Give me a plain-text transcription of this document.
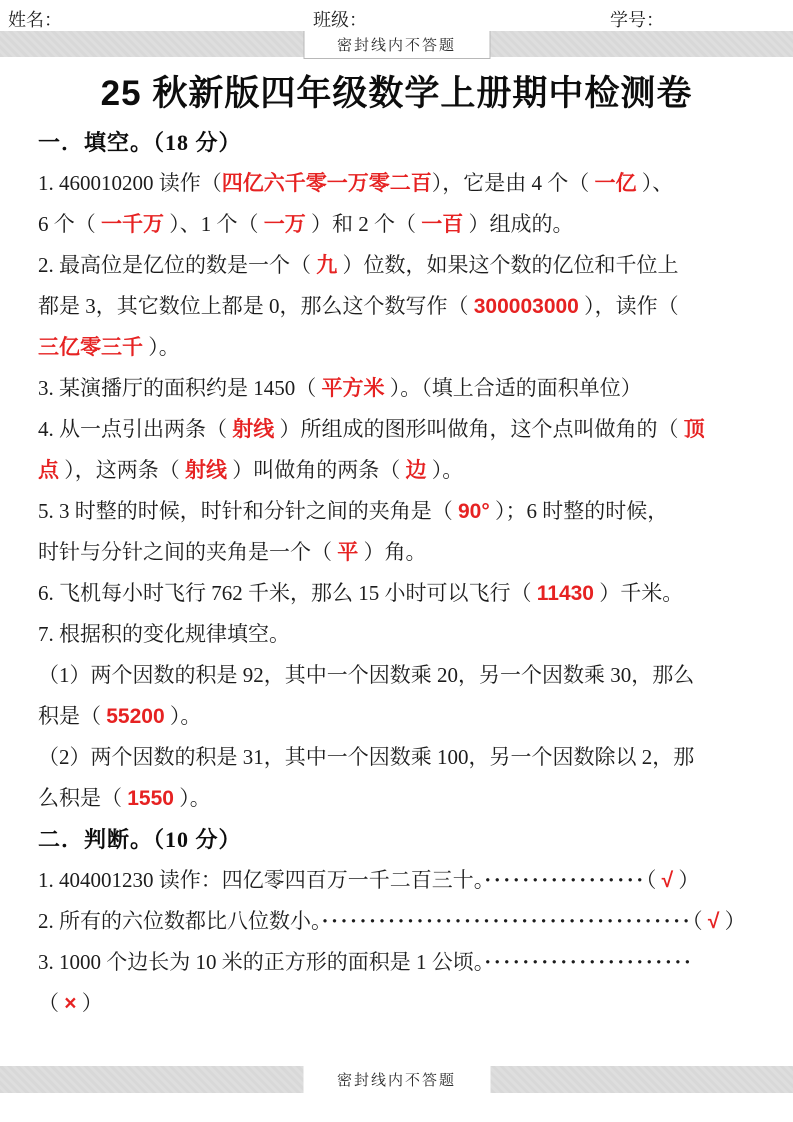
姓名：	班级：	学号：
密封线内不答题
25 秋新版四年级数学上册期中检测卷

一．填空。（18 分）

1. 460010200 读作（四亿六千零一万零二百），它是由 4 个（ 一亿 ）、

6 个（ 一千万 ）、1 个（ 一万 ）和 2 个（ 一百 ）组成的。

2. 最高位是亿位的数是一个（ 九 ）位数，如果这个数的亿位和千位上

都是 3，其它数位上都是 0，那么这个数写作（ 300003000 ），读作（

三亿零三千 ）。

3. 某演播厅的面积约是 1450（ 平方米 ）。（填上合适的面积单位）

4. 从一点引出两条（ 射线 ）所组成的图形叫做角，这个点叫做角的（ 顶

点 ），这两条（ 射线 ）叫做角的两条（ 边 ）。

5. 3 时整的时候，时针和分针之间的夹角是（ 90° ）；6 时整的时候，

时针与分针之间的夹角是一个（ 平 ）角。

6. 飞机每小时飞行 762 千米，那么 15 小时可以飞行（ 11430 ）千米。

7. 根据积的变化规律填空。

（1）两个因数的积是 92，其中一个因数乘 20，另一个因数乘 30，那么

积是（ 55200 ）。

（2）两个因数的积是 31，其中一个因数乘 100，另一个因数除以 2，那

么积是（ 1550 ）。

二．判断。（10 分）

1. 404001230 读作：四亿零四百万一千二百三十。·················（ √ ）

2. 所有的六位数都比八位数小。·······································（ √ ）

3. 1000 个边长为 10 米的正方形的面积是 1 公顷。······················

（ × ）

密封线内不答题
